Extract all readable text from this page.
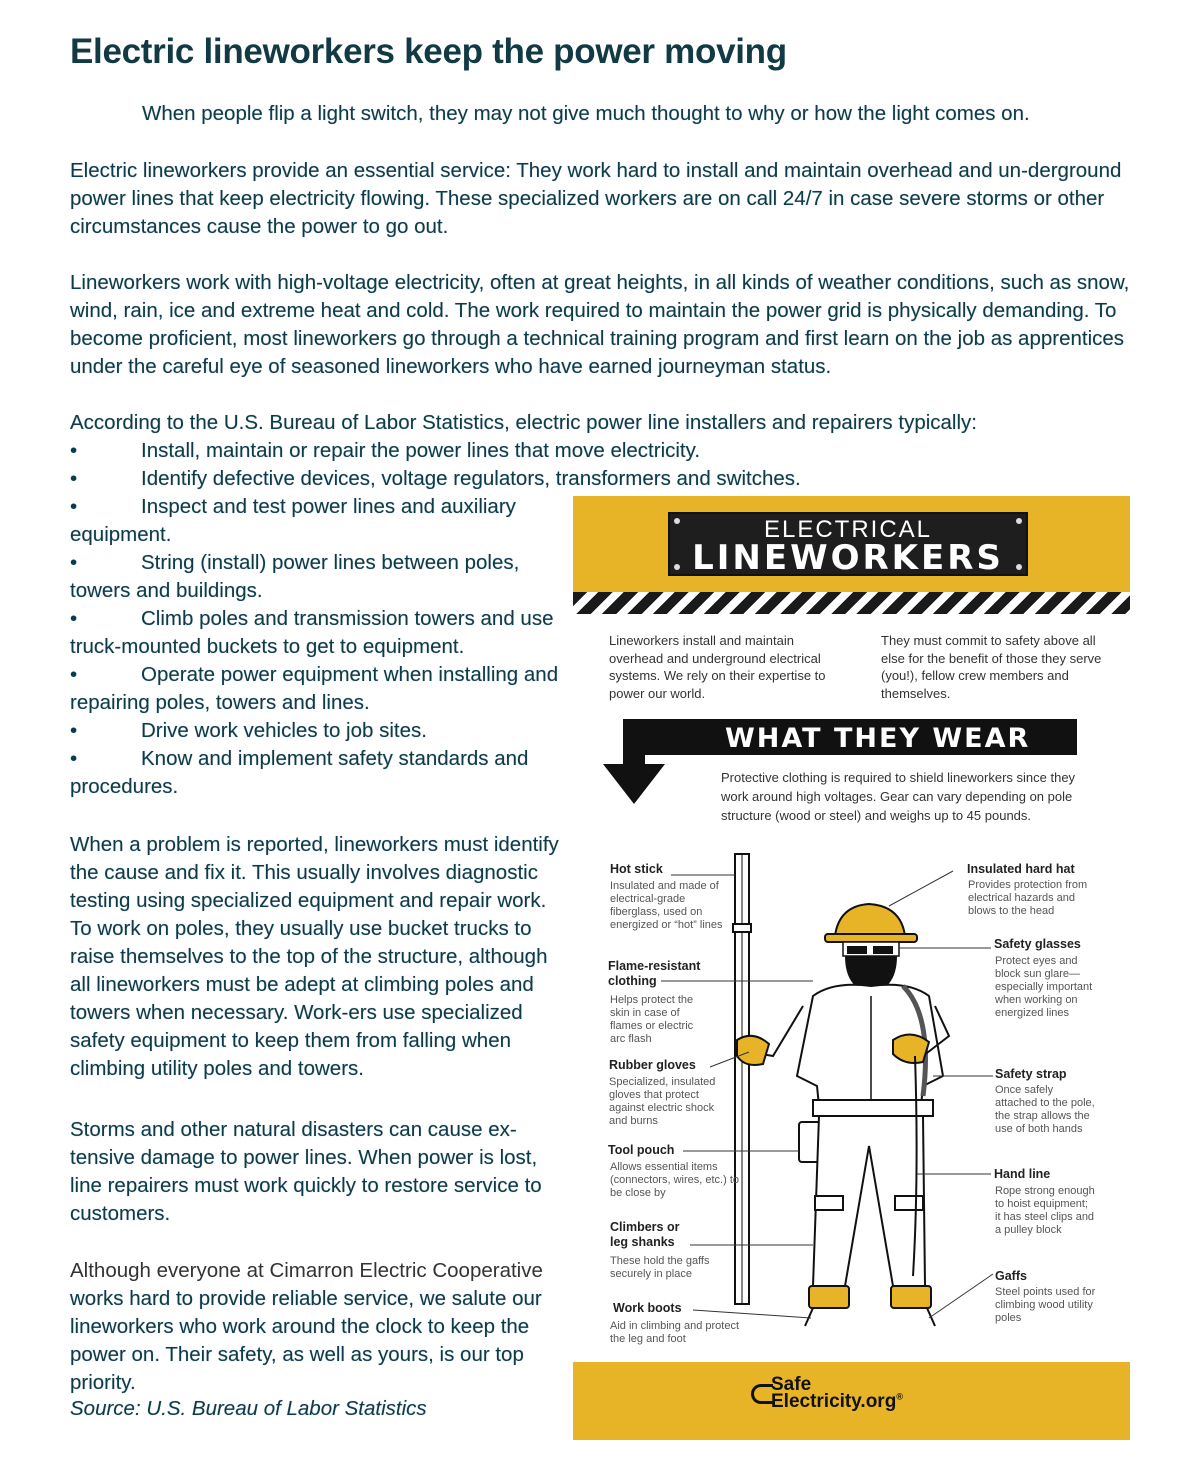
Electric lineworkers keep the power moving

When people flip a light switch, they may not give much thought to why or how the light comes on.

Electric lineworkers provide an essential service: They work hard to install and maintain overhead and un-derground power lines that keep electricity flowing. These specialized workers are on call 24/7 in case severe storms or other circumstances cause the power to go out.

Lineworkers work with high-voltage electricity, often at great heights, in all kinds of weather conditions, such as snow, wind, rain, ice and extreme heat and cold. The work required to maintain the power grid is physically demanding. To become proficient, most lineworkers go through a technical training program and first learn on the job as apprentices under the careful eye of seasoned lineworkers who have earned journeyman status.

According to the U.S. Bureau of Labor Statistics, electric power line installers and repairers typically:

•	Install, maintain or repair the power lines that move electricity.
•	Identify defective devices, voltage regulators, transformers and switches.
•	Inspect and test power lines and auxiliary equipment.
•	String (install) power lines between poles, towers and buildings.
•	Climb poles and transmission towers and use truck-mounted buckets to get to equipment.
•	Operate power equipment when installing and repairing poles, towers and lines.
•	Drive work vehicles to job sites.
•	Know and implement safety standards and procedures.

When a problem is reported, lineworkers must identify the cause and fix it. This usually involves diagnostic testing using specialized equipment and repair work. To work on poles, they usually use bucket trucks to raise themselves to the top of the structure, although all lineworkers must be adept at climbing poles and towers when necessary. Work-ers use specialized safety equipment to keep them from falling when climbing utility poles and towers.

Storms and other natural disasters can cause ex-tensive damage to power lines. When power is lost, line repairers must work quickly to restore service to customers.

Although everyone at Cimarron Electric Cooperative works hard to provide reliable service, we salute our lineworkers who work around the clock to keep the power on. Their safety, as well as yours, is our top priority.

Source: U.S. Bureau of Labor Statistics

ELECTRICAL
LINEWORKERS

Lineworkers install and maintain overhead and underground electrical systems. We rely on their expertise to power our world.

They must commit to safety above all else for the benefit of those they serve (you!), fellow crew members and themselves.

WHAT THEY WEAR

Protective clothing is required to shield lineworkers since they work around high voltages. Gear can vary depending on pole structure (wood or steel) and weighs up to 45 pounds.

Hot stick
Insulated and made of electrical-grade fiberglass, used on energized or “hot” lines
Flame-resistant clothing
Helps protect the skin in case of flames or electric arc flash
Rubber gloves
Specialized, insulated gloves that protect against electric shock and burns
Tool pouch
Allows essential items (connectors, wires, etc.) to be close by
Climbers or leg shanks
These hold the gaffs securely in place
Work boots
Aid in climbing and protect the leg and foot
Insulated hard hat
Provides protection from electrical hazards and blows to the head
Safety glasses
Protect eyes and block sun glare—especially important when working on energized lines
Safety strap
Once safely attached to the pole, the strap allows the use of both hands
Hand line
Rope strong enough to hoist equipment; it has steel clips and a pulley block
Gaffs
Steel points used for climbing wood utility poles
Safe
Electricity.org®
